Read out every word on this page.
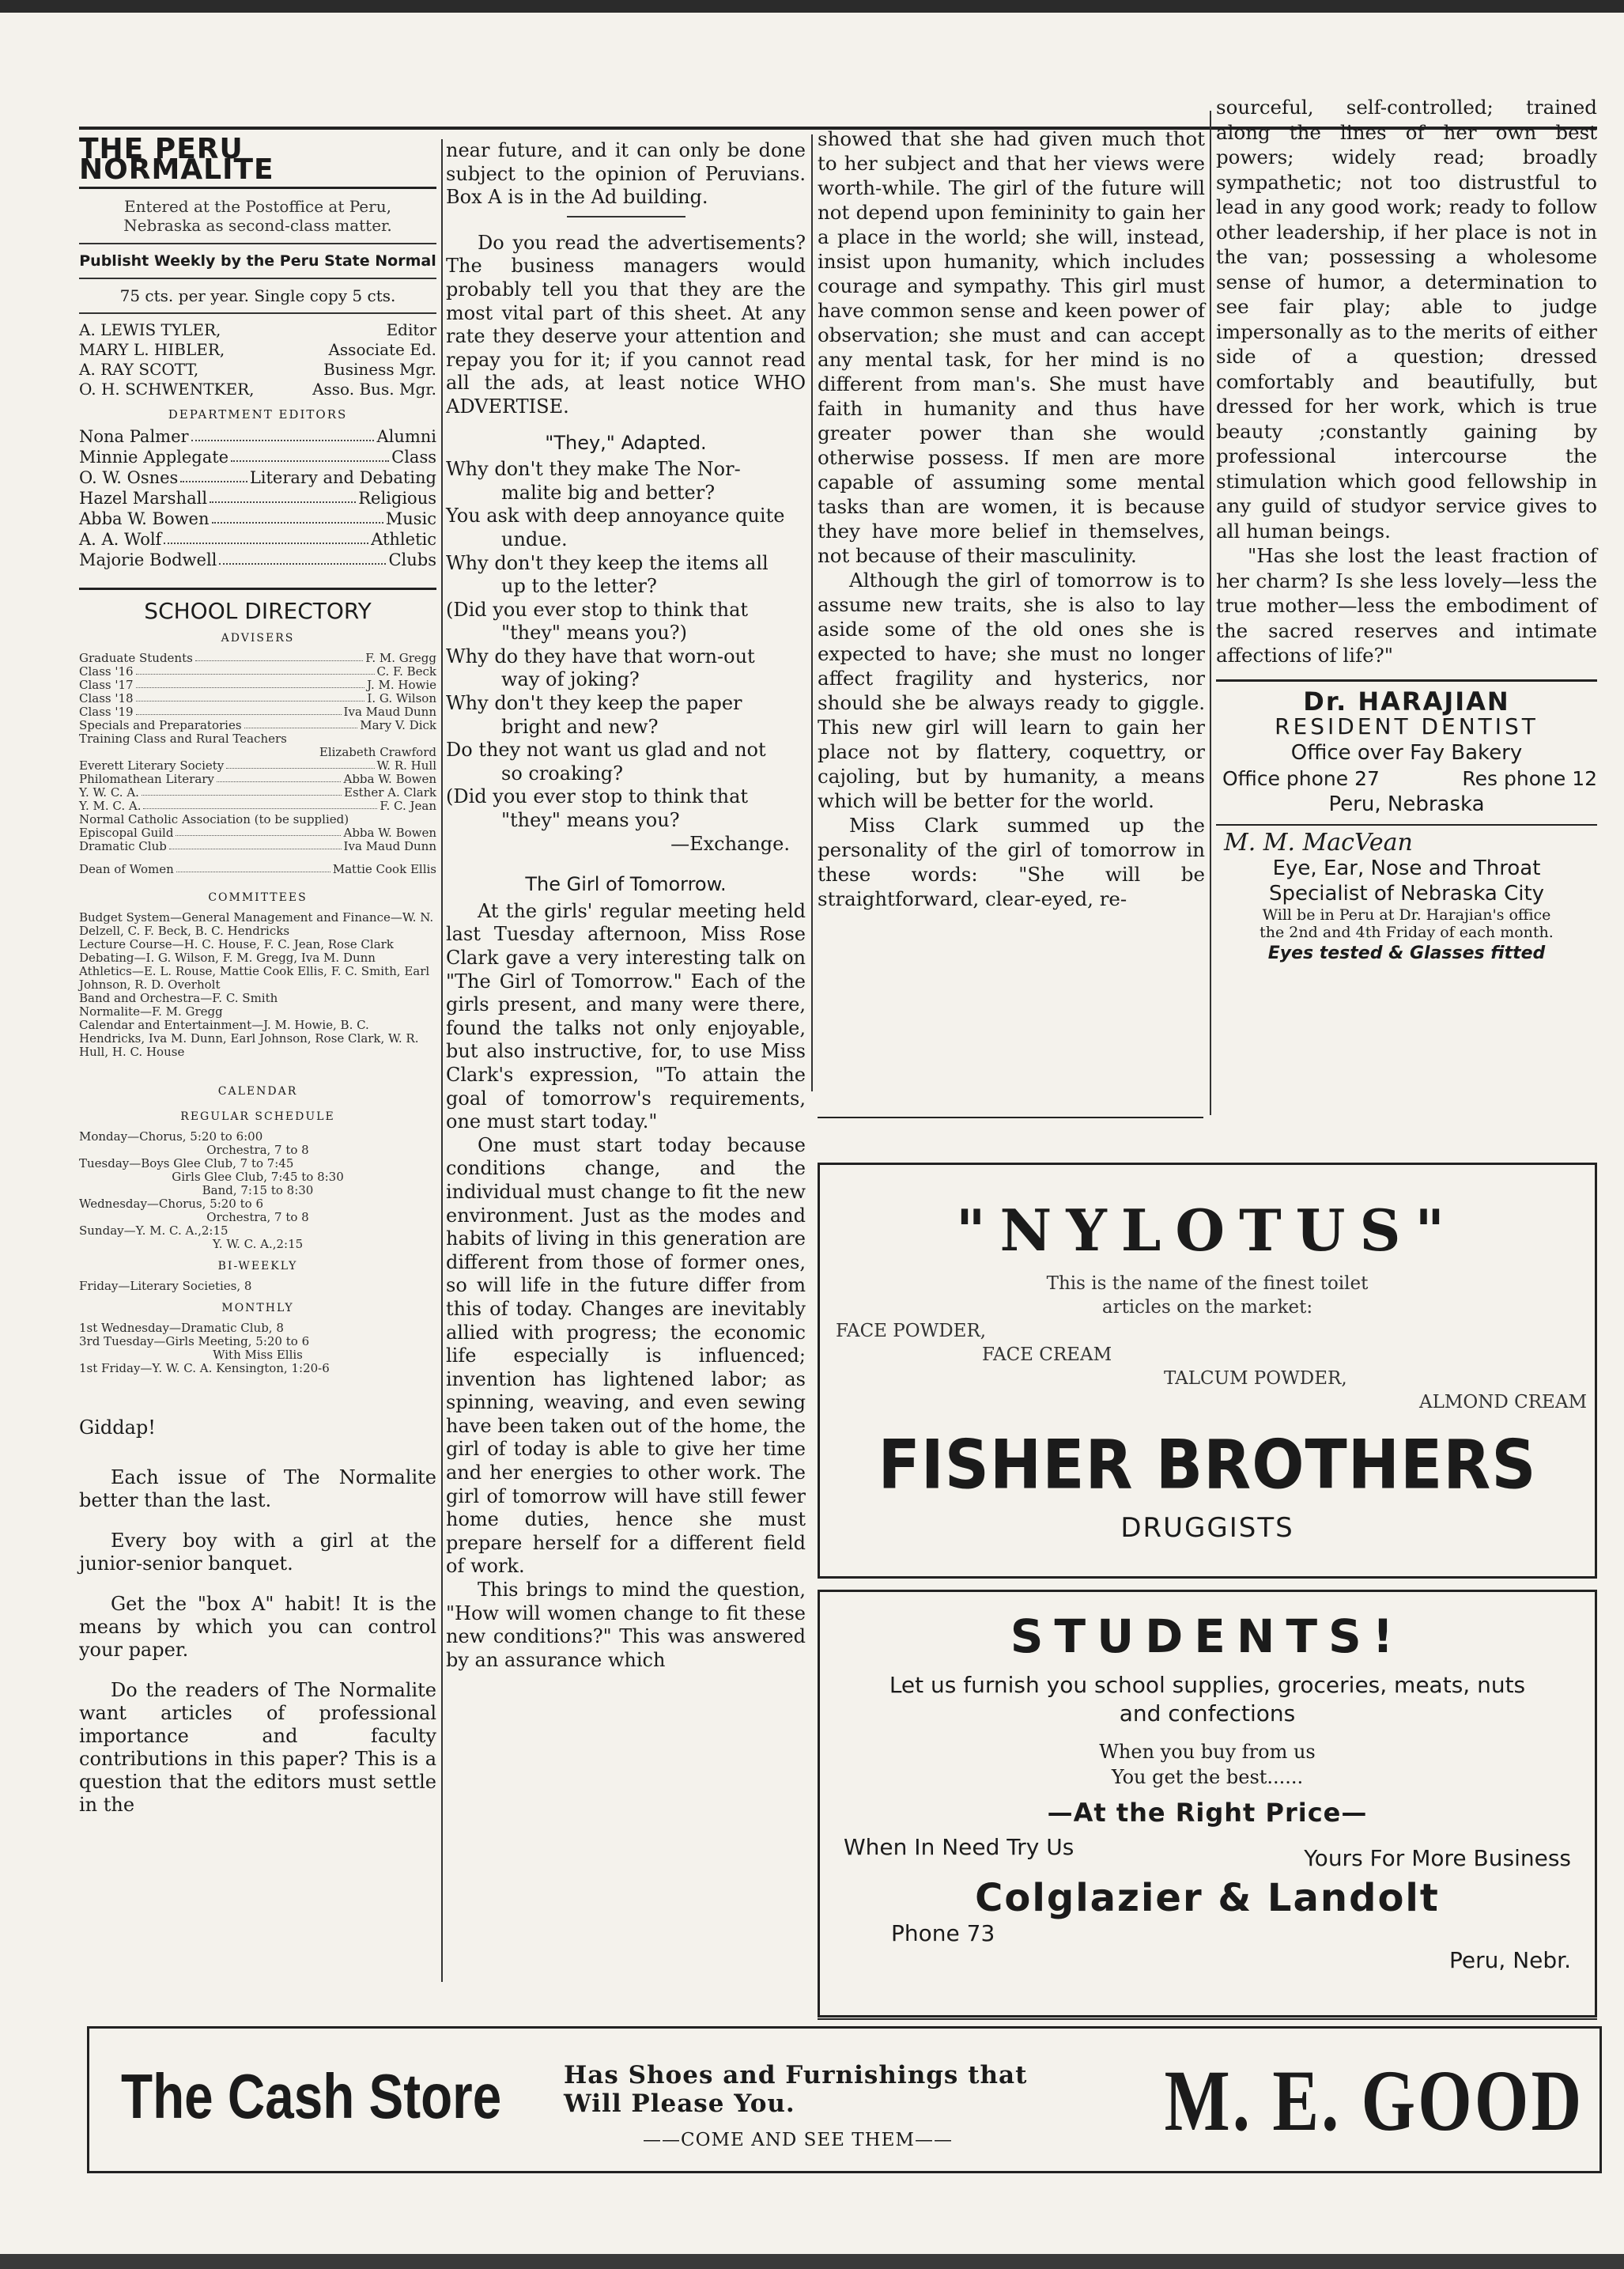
THE PERU NORMALITE
Entered at the Postoffice at Peru, Nebraska as second-class matter.
Publisht Weekly by the Peru State Normal
75 cts. per year. Single copy 5 cts.
A. LEWIS TYLER,	Editor
MARY L. HIBLER,	Associate Ed.
A. RAY SCOTT,	Business Mgr.
O. H. SCHWENTKER,	Asso. Bus. Mgr.
DEPARTMENT EDITORS
Nona Palmer	Alumni
Minnie Applegate	Class
O. W. Osnes	Literary and Debating
Hazel Marshall	Religious
Abba W. Bowen	Music
A. A. Wolf	Athletic
Majorie Bodwell	Clubs
SCHOOL DIRECTORY
ADVISERS
Graduate Students	F. M. Gregg
Class '16	C. F. Beck
Class '17	J. M. Howie
Class '18	I. G. Wilson
Class '19	Iva Maud Dunn
Specials and Preparatories	Mary V. Dick
Training Class and Rural Teachers
Elizabeth Crawford
Everett Literary Society	W. R. Hull
Philomathean Literary	Abba W. Bowen
Y. W. C. A.	Esther A. Clark
Y. M. C. A.	F. C. Jean
Normal Catholic Association
(to be supplied)
Episcopal Guild	Abba W. Bowen
Dramatic Club	Iva Maud Dunn
Dean of Women	Mattie Cook Ellis
COMMITTEES

Budget System—General Management and Finance—W. N. Delzell, C. F. Beck, B. C. Hendricks

Lecture Course—H. C. House, F. C. Jean, Rose Clark

Debating—I. G. Wilson, F. M. Gregg, Iva M. Dunn

Athletics—E. L. Rouse, Mattie Cook Ellis, F. C. Smith, Earl Johnson, R. D. Overholt

Band and Orchestra—F. C. Smith

Normalite—F. M. Gregg

Calendar and Entertainment—J. M. Howie, B. C. Hendricks, Iva M. Dunn, Earl Johnson, Rose Clark, W. R. Hull, H. C. House

CALENDAR
REGULAR SCHEDULE

Monday—Chorus, 5:20 to 6:00

Orchestra, 7 to 8

Tuesday—Boys Glee Club, 7 to 7:45

Girls Glee Club, 7:45 to 8:30

Band, 7:15 to 8:30

Wednesday—Chorus, 5:20 to 6

Orchestra, 7 to 8

Sunday—Y. M. C. A.,2:15

Y. W. C. A.,2:15

BI-WEEKLY

Friday—Literary Societies, 8

MONTHLY

1st Wednesday—Dramatic Club, 8

3rd Tuesday—Girls Meeting, 5:20 to 6

With Miss Ellis

1st Friday—Y. W. C. A. Kensington, 1:20-6

Giddap!

Each issue of The Normalite better than the last.

Every boy with a girl at the junior-senior banquet.

Get the "box A" habit! It is the means by which you can control your paper.

Do the readers of The Normalite want articles of professional importance and faculty contributions in this paper? This is a question that the editors must settle in the

near future, and it can only be done subject to the opinion of Peruvians. Box A is in the Ad building.

Do you read the advertisements? The business managers would probably tell you that they are the most vital part of this sheet. At any rate they deserve your attention and repay you for it; if you cannot read all the ads, at least notice WHO ADVERTISE.

"They," Adapted.

Why don't they make The Nor-
malite big and better?

You ask with deep annoyance quite
undue.

Why don't they keep the items all
up to the letter?

(Did you ever stop to think that
"they" means you?)

Why do they have that worn-out
way of joking?

Why don't they keep the paper
bright and new?

Do they not want us glad and not
so croaking?

(Did you ever stop to think that
"they" means you?

—Exchange.

The Girl of Tomorrow.

At the girls' regular meeting held last Tuesday afternoon, Miss Rose Clark gave a very interesting talk on "The Girl of Tomorrow." Each of the girls present, and many were there, found the talks not only enjoyable, but also instructive, for, to use Miss Clark's expression, "To attain the goal of tomorrow's requirements, one must start today."

One must start today because conditions change, and the individual must change to fit the new environment. Just as the modes and habits of living in this generation are different from those of former ones, so will life in the future differ from this of today. Changes are inevitably allied with progress; the economic life especially is influenced; invention has lightened labor; as spinning, weaving, and even sewing have been taken out of the home, the girl of today is able to give her time and her energies to other work. The girl of tomorrow will have still fewer home duties, hence she must prepare herself for a different field of work.

This brings to mind the question, "How will women change to fit these new conditions?" This was answered by an assurance which

showed that she had given much thot to her subject and that her views were worth-while. The girl of the future will not depend upon femininity to gain her a place in the world; she will, instead, insist upon humanity, which includes courage and sympathy. This girl must have common sense and keen power of observation; she must and can accept any mental task, for her mind is no different from man's. She must have faith in humanity and thus have greater power than she would otherwise possess. If men are more capable of assuming some mental tasks than are women, it is because they have more belief in themselves, not because of their masculinity.

Although the girl of tomorrow is to assume new traits, she is also to lay aside some of the old ones she is expected to have; she must no longer affect fragility and hysterics, nor should she be always ready to giggle. This new girl will learn to gain her place not by flattery, coquettry, or cajoling, but by humanity, a means which will be better for the world.

Miss Clark summed up the personality of the girl of tomorrow in these words: "She will be straightforward, clear-eyed, re-

sourceful, self-controlled; trained along the lines of her own best powers; widely read; broadly sympathetic; not too distrustful to lead in any good work; ready to follow other leadership, if her place is not in the van; possessing a wholesome sense of humor, a determination to see fair play; able to judge impersonally as to the merits of either side of a question; dressed comfortably and beautifully, but dressed for her work, which is true beauty ;constantly gaining by professional intercourse the stimulation which good fellowship in any guild of studyor service gives to all human beings.

"Has she lost the least fraction of her charm? Is she less lovely—less the true mother—less the embodiment of the sacred reserves and intimate affections of life?"

Dr. HARAJIAN
RESIDENT DENTIST
Office over Fay Bakery
Office phone 27	Res phone 12
Peru, Nebraska
M. M. MacVean
Eye, Ear, Nose and Throat
Specialist of Nebraska City
Will be in Peru at Dr. Harajian's office
the 2nd and 4th Friday of each month.
Eyes tested & Glasses fitted
"NYLOTUS"
This is the name of the finest toilet
articles on the market:
FACE POWDER,
FACE CREAM
TALCUM POWDER,
ALMOND CREAM
FISHER BROTHERS
DRUGGISTS
STUDENTS!
Let us furnish you school supplies, groceries, meats, nuts
and confections
When you buy from us
You get the best......
—At the Right Price—
When In Need Try Us	Yours For More Business
Colglazier & Landolt
Phone 73
Peru, Nebr.
The Cash Store	Has Shoes and Furnishings that
Will Please You.
——COME AND SEE THEM—— M. E. GOOD
